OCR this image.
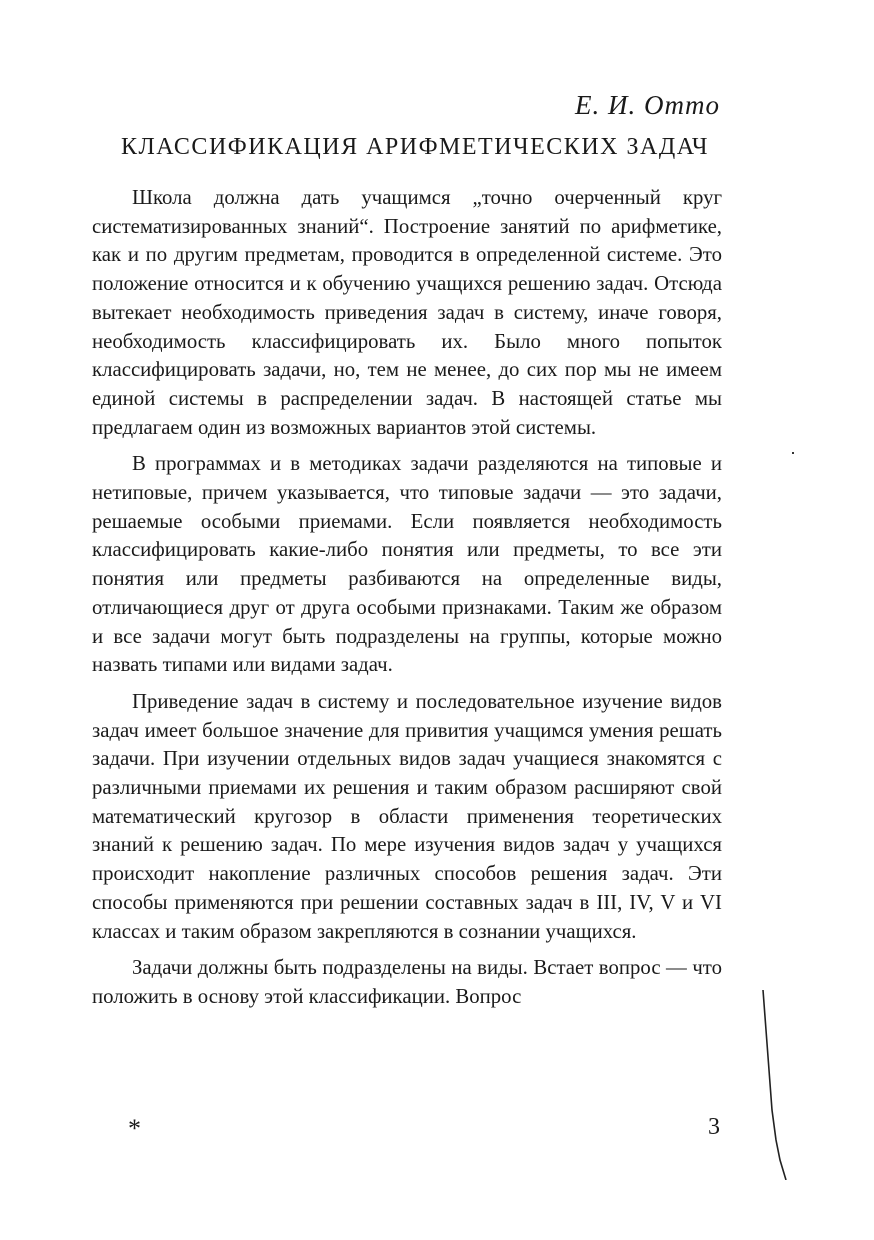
Е. И. Отто
КЛАССИФИКАЦИЯ АРИФМЕТИЧЕСКИХ ЗАДАЧ

Школа должна дать учащимся „точно очерченный круг систематизированных знаний“. Построение занятий по арифметике, как и по другим предметам, проводится в определенной системе. Это положение относится и к обучению учащихся решению задач. Отсюда вытекает необходимость приведения задач в систему, иначе говоря, необходимость классифицировать их. Было много попыток классифицировать задачи, но, тем не менее, до сих пор мы не имеем единой системы в распределении задач. В настоящей статье мы предлагаем один из возможных вариантов этой системы.

В программах и в методиках задачи разделяются на типовые и нетиповые, причем указывается, что типовые задачи — это задачи, решаемые особыми приемами. Если появляется необходимость классифицировать какие-либо понятия или предметы, то все эти понятия или предметы разбиваются на определенные виды, отличающиеся друг от друга особыми признаками. Таким же образом и все задачи могут быть подразделены на группы, которые можно назвать типами или видами задач.

Приведение задач в систему и последовательное изучение видов задач имеет большое значение для привития учащимся умения решать задачи. При изучении отдельных видов задач учащиеся знакомятся с различными приемами их решения и таким образом расширяют свой математический кругозор в области применения теоретических знаний к решению задач. По мере изучения видов задач у учащихся происходит накопление различных способов решения задач. Эти способы применяются при решении составных задач в III, IV, V и VI классах и таким образом закрепляются в сознании учащихся.

Задачи должны быть подразделены на виды. Встает вопрос — что положить в основу этой классификации. Вопрос

*	3
